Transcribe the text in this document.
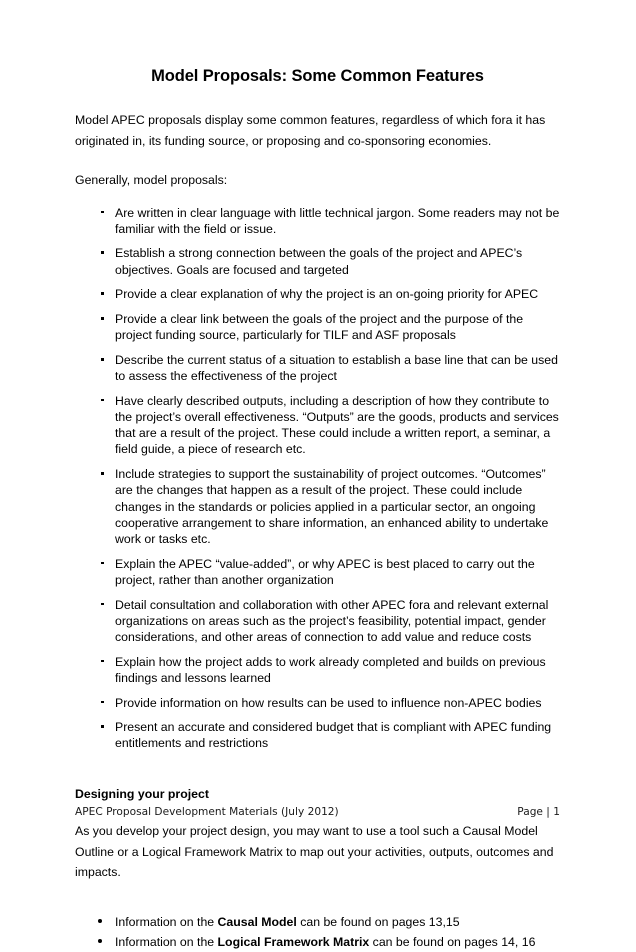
Model Proposals: Some Common Features

Model APEC proposals display some common features, regardless of which fora it has originated in, its funding source, or proposing and co-sponsoring economies.

Generally, model proposals:

Are written in clear language with little technical jargon. Some readers may not be familiar with the field or issue.
Establish a strong connection between the goals of the project and APEC’s objectives. Goals are focused and targeted
Provide a clear explanation of why the project is an on-going priority for APEC
Provide a clear link between the goals of the project and the purpose of the project funding source, particularly for TILF and ASF proposals
Describe the current status of a situation to establish a base line that can be used to assess the effectiveness of the project
Have clearly described outputs, including a description of how they contribute to the project’s overall effectiveness. “Outputs” are the goods, products and services that are a result of the project. These could include a written report, a seminar, a field guide, a piece of research etc.
Include strategies to support the sustainability of project outcomes. “Outcomes” are the changes that happen as a result of the project. These could include changes in the standards or policies applied in a particular sector, an ongoing cooperative arrangement to share information, an enhanced ability to undertake work or tasks etc.
Explain the APEC “value-added”, or why APEC is best placed to carry out the project, rather than another organization
Detail consultation and collaboration with other APEC fora and relevant external organizations on areas such as the project’s feasibility, potential impact, gender considerations, and other areas of connection to add value and reduce costs
Explain how the project adds to work already completed and builds on previous findings and lessons learned
Provide information on how results can be used to influence non-APEC bodies
Present an accurate and considered budget that is compliant with APEC funding entitlements and restrictions
Designing your project

As you develop your project design, you may want to use a tool such a Causal Model Outline or a Logical Framework Matrix to map out your activities, outputs, outcomes and impacts.

Information on the Causal Model can be found on pages 13,15
Information on the Logical Framework Matrix can be found on pages 14, 16
APEC Proposal Development Materials (July 2012)	Page | 1
